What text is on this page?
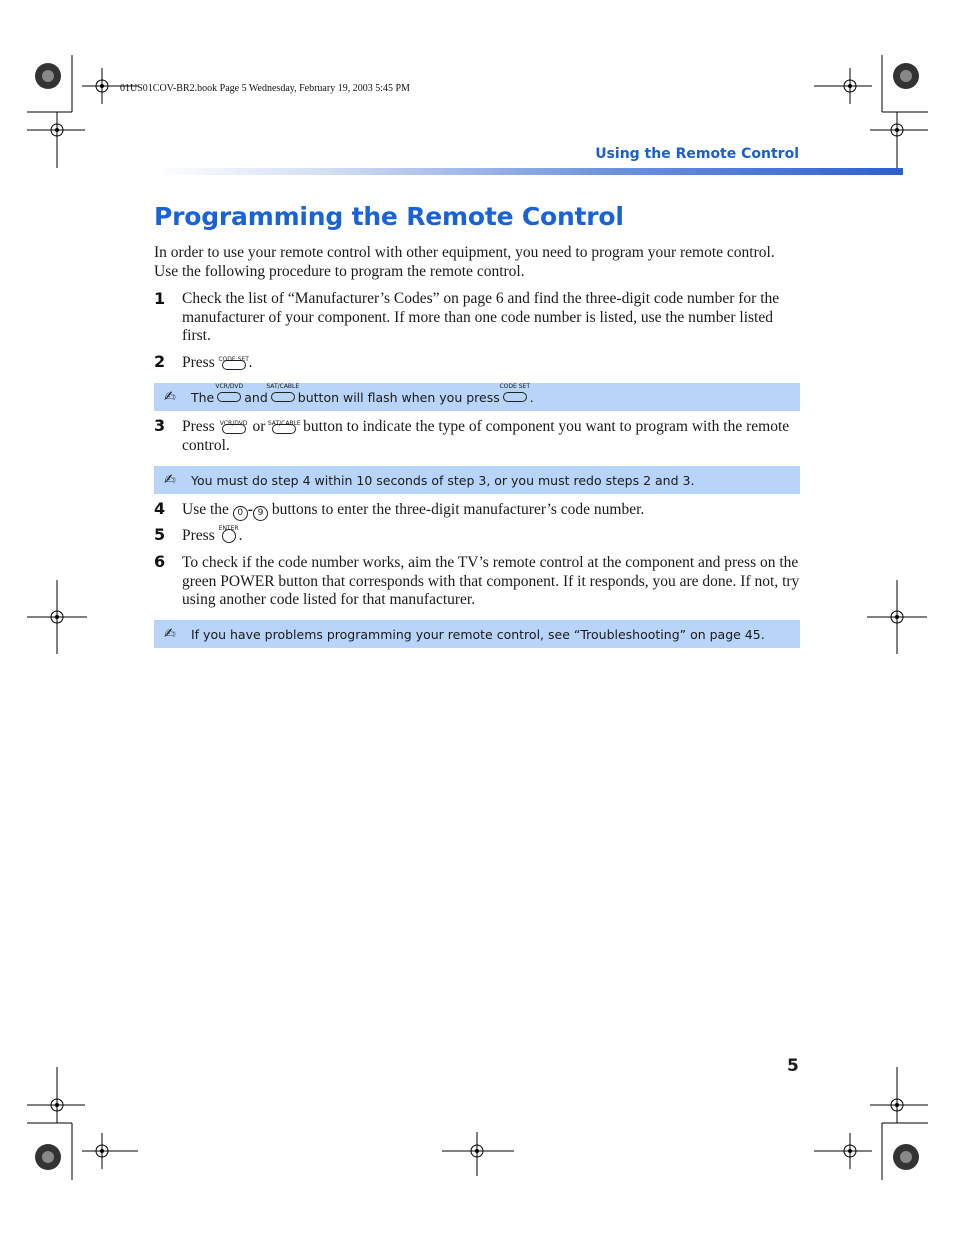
01US01COV-BR2.book Page 5 Wednesday, February 19, 2003 5:45 PM
Using the Remote Control
Programming the Remote Control
In order to use your remote control with other equipment, you need to program your remote control. Use the following procedure to program the remote control.
1 Check the list of “Manufacturer’s Codes” on page 6 and find the three-digit code number for the manufacturer of your component. If more than one code number is listed, use the number listed first.
2 Press CODE SET .
✍	The
VCR/DVD
and
SAT/CABLE
button will flash when you press
CODE SET
.
3 Press VCR/DVD or SAT/CABLE button to indicate the type of component you want to program with the remote control.
✍	You must do step 4 within 10 seconds of step 3, or you must redo steps 2 and 3.
4 Use the 0 - 9 buttons to enter the three-digit manufacturer’s code number.
5 Press ENTER .
6 To check if the code number works, aim the TV’s remote control at the component and press on the green POWER button that corresponds with that component. If it responds, you are done. If not, try using another code listed for that manufacturer.
✍	If you have problems programming your remote control, see “Troubleshooting” on page 45.
5
